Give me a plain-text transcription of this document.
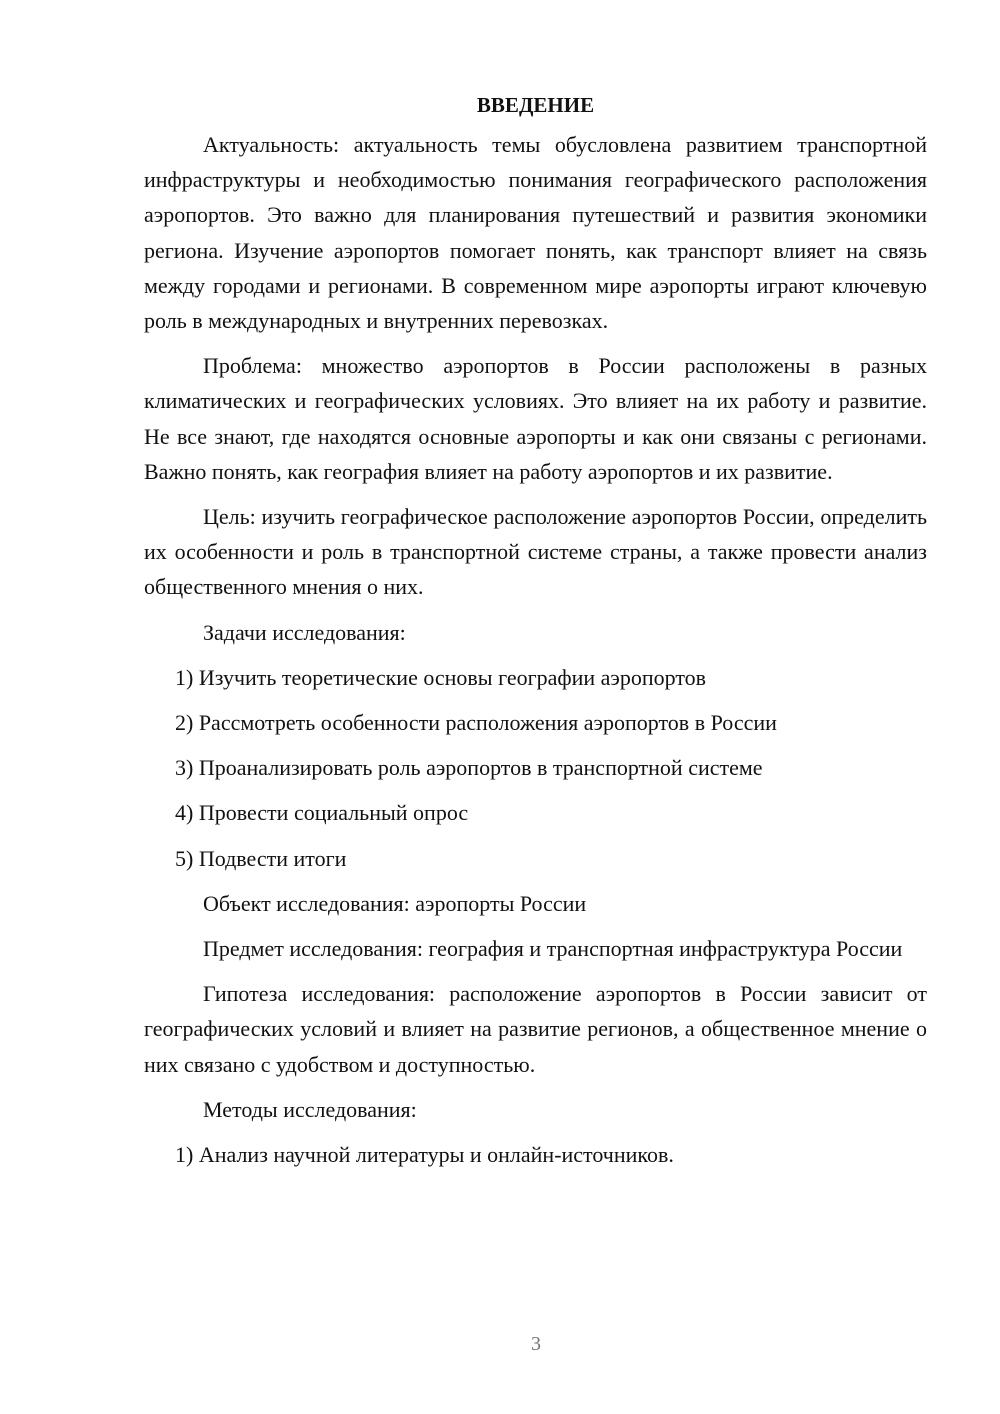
ВВЕДЕНИЕ

Актуальность: актуальность темы обусловлена развитием транспортной инфраструктуры и необходимостью понимания географического расположения аэропортов. Это важно для планирования путешествий и развития экономики региона. Изучение аэропортов помогает понять, как транспорт влияет на связь между городами и регионами. В современном мире аэропорты играют ключевую роль в международных и внутренних перевозках.

Проблема: множество аэропортов в России расположены в разных климатических и географических условиях. Это влияет на их работу и развитие. Не все знают, где находятся основные аэропорты и как они связаны с регионами. Важно понять, как география влияет на работу аэропортов и их развитие.

Цель: изучить географическое расположение аэропортов России, определить их особенности и роль в транспортной системе страны, а также провести анализ общественного мнения о них.

Задачи исследования:
1) Изучить теоретические основы географии аэропортов
2) Рассмотреть особенности расположения аэропортов в России
3) Проанализировать роль аэропортов в транспортной системе
4) Провести социальный опрос
5) Подвести итоги
Объект исследования: аэропорты России

Предмет исследования: география и транспортная инфраструктура России

Гипотеза исследования: расположение аэропортов в России зависит от географических условий и влияет на развитие регионов, а общественное мнение о них связано с удобством и доступностью.

Методы исследования:
1) Анализ научной литературы и онлайн-источников.
3
